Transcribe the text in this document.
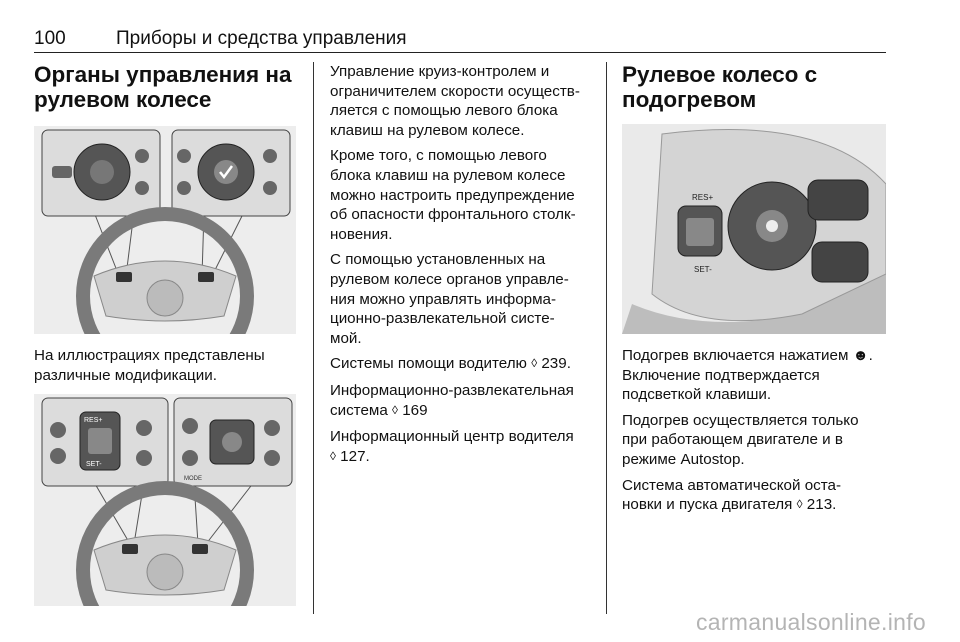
100	Приборы и средства управления
Органы управления на
рулевом колесе

На иллюстрациях представлены
различные модификации.

RES+
SET-
MODE

Управление круиз-контролем и
ограничителем скорости осуществ-
ляется с помощью левого блока
клавиш на рулевом колесе.

Кроме того, с помощью левого
блока клавиш на рулевом колесе
можно настроить предупреждение
об опасности фронтального столк-
новения.

С помощью установленных на
рулевом колесе органов управле-
ния можно управлять информа-
ционно-развлекательной систе-
мой.

Системы помощи водителю ◊ 239.

Информационно-развлекательная
система ◊ 169

Информационный центр водителя
◊ 127.

Рулевое колесо с
подогревом
RES+
SET-

Подогрев включается нажатием ☻.
Включение подтверждается
подсветкой клавиши.

Подогрев осуществляется только
при работающем двигателе и в
режиме Autostop.

Система автоматической оста-
новки и пуска двигателя ◊ 213.

carmanualsonline.info
